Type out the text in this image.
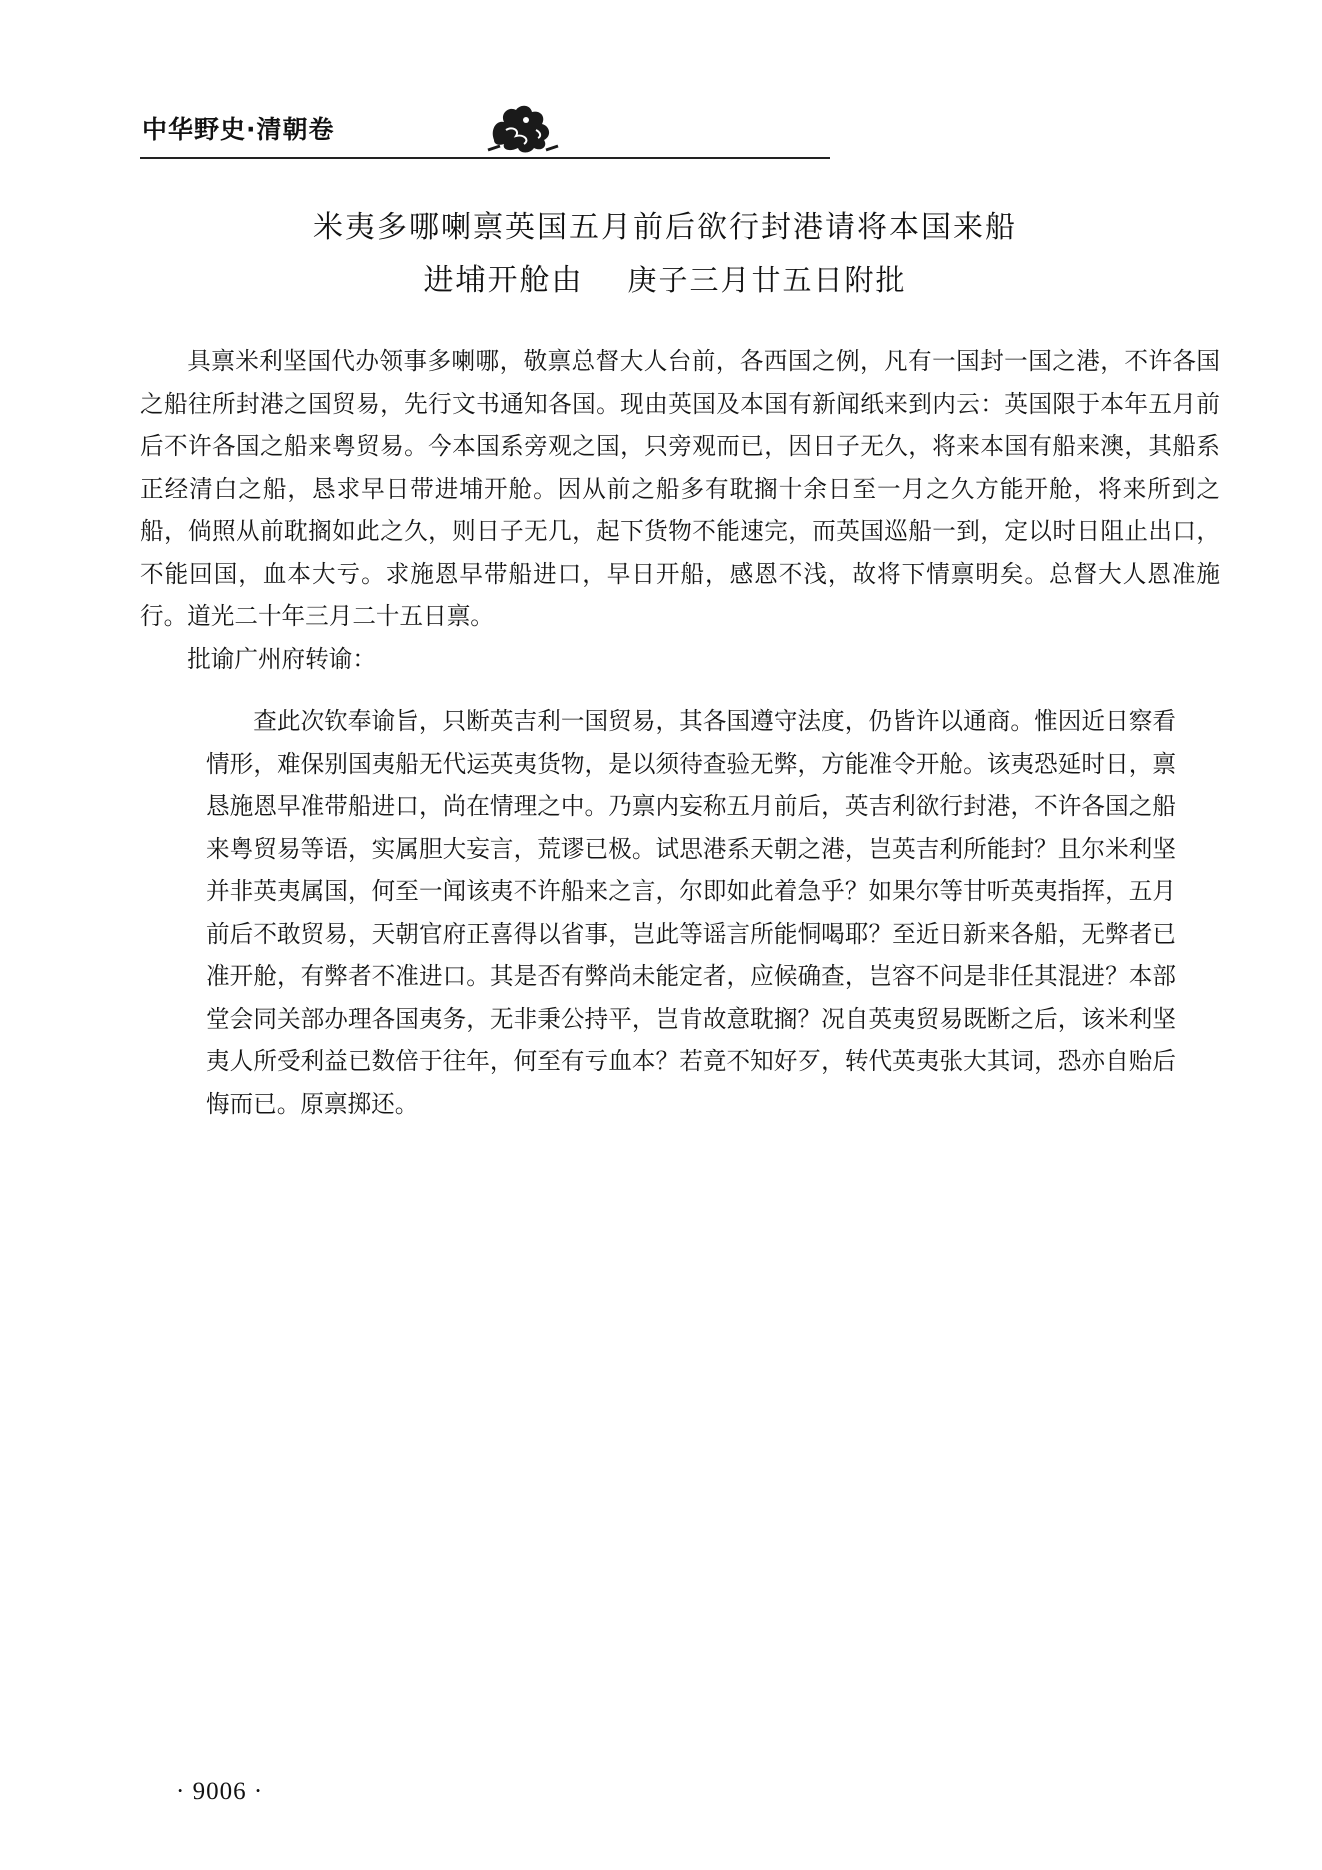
中华野史·清朝卷
米夷多哪喇禀英国五月前后欲行封港请将本国来船
进埔开舱由 庚子三月廿五日附批

具禀米利坚国代办领事多喇哪，敬禀总督大人台前，各西国之例，凡有一国封一国之港，不许各国之船往所封港之国贸易，先行文书通知各国。现由英国及本国有新闻纸来到内云：英国限于本年五月前后不许各国之船来粤贸易。今本国系旁观之国，只旁观而已，因日子无久，将来本国有船来澳，其船系正经清白之船，恳求早日带进埔开舱。因从前之船多有耽搁十余日至一月之久方能开舱，将来所到之船，倘照从前耽搁如此之久，则日子无几，起下货物不能速完，而英国巡船一到，定以时日阻止出口，不能回国，血本大亏。求施恩早带船进口，早日开船，感恩不浅，故将下情禀明矣。总督大人恩准施行。道光二十年三月二十五日禀。

批谕广州府转谕：

查此次钦奉谕旨，只断英吉利一国贸易，其各国遵守法度，仍皆许以通商。惟因近日察看情形，难保别国夷船无代运英夷货物，是以须待查验无弊，方能准令开舱。该夷恐延时日，禀恳施恩早准带船进口，尚在情理之中。乃禀内妄称五月前后，英吉利欲行封港，不许各国之船来粤贸易等语，实属胆大妄言，荒谬已极。试思港系天朝之港，岂英吉利所能封？且尔米利坚并非英夷属国，何至一闻该夷不许船来之言，尔即如此着急乎？如果尔等甘听英夷指挥，五月前后不敢贸易，天朝官府正喜得以省事，岂此等谣言所能恫喝耶？至近日新来各船，无弊者已准开舱，有弊者不准进口。其是否有弊尚未能定者，应候确查，岂容不问是非任其混进？本部堂会同关部办理各国夷务，无非秉公持平，岂肯故意耽搁？况自英夷贸易既断之后，该米利坚夷人所受利益已数倍于往年，何至有亏血本？若竟不知好歹，转代英夷张大其词，恐亦自贻后悔而已。原禀掷还。

· 9006 ·
